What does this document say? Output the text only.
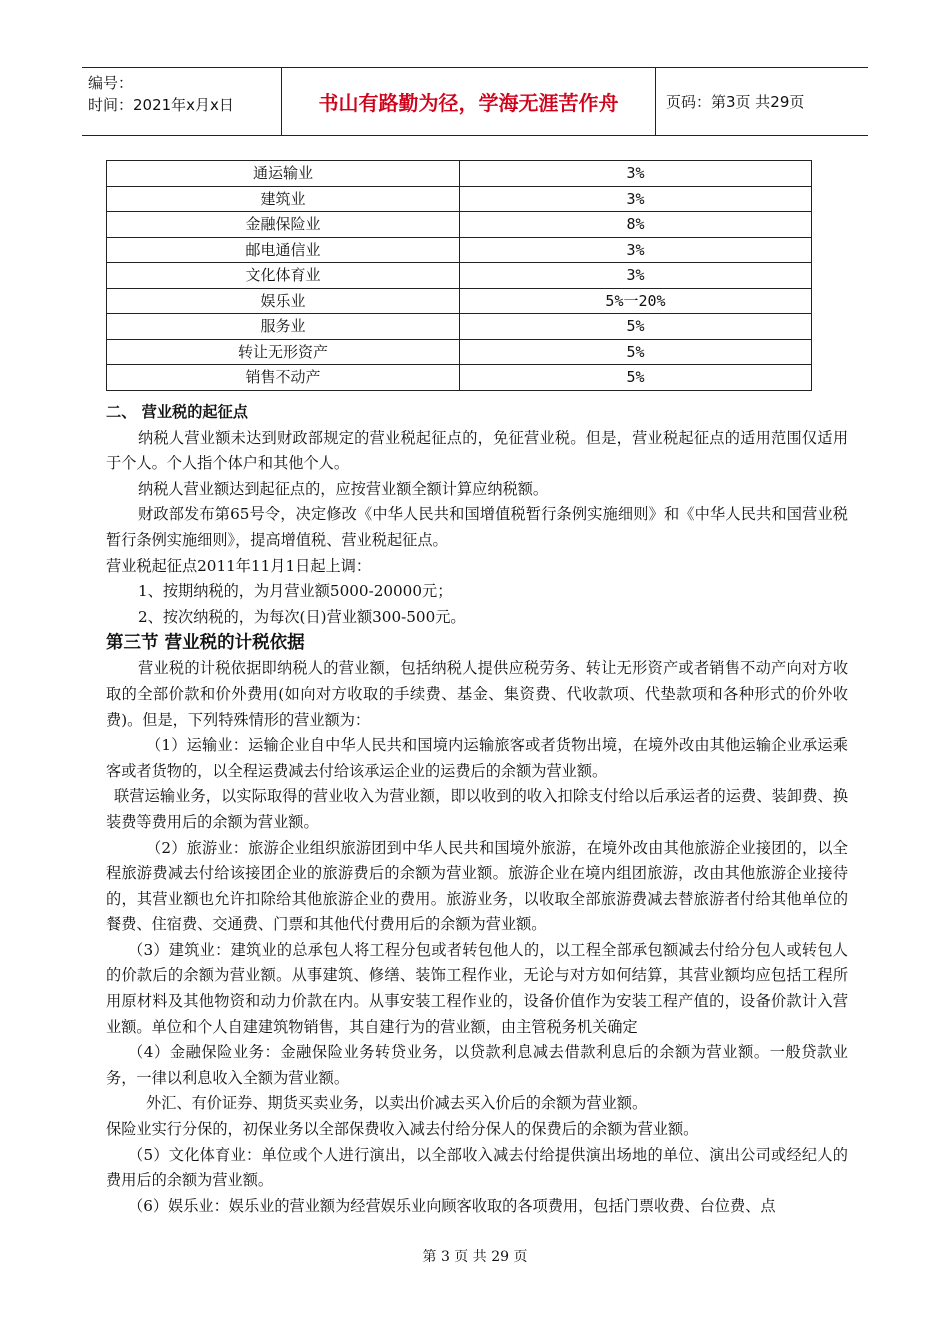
编号：
时间：2021年x月x日	书山有路勤为径，学海无涯苦作舟	页码：第3页 共29页
通运输业	3%
建筑业	3%
金融保险业	8%
邮电通信业	3%
文化体育业	3%
娱乐业	5%一20%
服务业	5%
转让无形资产	5%
销售不动产	5%

二、 营业税的起征点

纳税人营业额未达到财政部规定的营业税起征点的，免征营业税。但是，营业税起征点的适用范围仅适用于个人。个人指个体户和其他个人。

纳税人营业额达到起征点的，应按营业额全额计算应纳税额。

财政部发布第65号令，决定修改《中华人民共和国增值税暂行条例实施细则》和《中华人民共和国营业税暂行条例实施细则》，提高增值税、营业税起征点。

营业税起征点2011年11月1日起上调：

1、按期纳税的，为月营业额5000-20000元；

2、按次纳税的，为每次(日)营业额300-500元。

第三节 营业税的计税依据

营业税的计税依据即纳税人的营业额，包括纳税人提供应税劳务、转让无形资产或者销售不动产向对方收取的全部价款和价外费用(如向对方收取的手续费、基金、集资费、代收款项、代垫款项和各种形式的价外收费)。但是，下列特殊情形的营业额为：

（1）运输业：运输企业自中华人民共和国境内运输旅客或者货物出境，在境外改由其他运输企业承运乘客或者货物的，以全程运费减去付给该承运企业的运费后的余额为营业额。

联营运输业务，以实际取得的营业收入为营业额，即以收到的收入扣除支付给以后承运者的运费、装卸费、换装费等费用后的余额为营业额。

（2）旅游业：旅游企业组织旅游团到中华人民共和国境外旅游，在境外改由其他旅游企业接团的，以全程旅游费减去付给该接团企业的旅游费后的余额为营业额。旅游企业在境内组团旅游，改由其他旅游企业接待的，其营业额也允许扣除给其他旅游企业的费用。旅游业务，以收取全部旅游费减去替旅游者付给其他单位的餐费、住宿费、交通费、门票和其他代付费用后的余额为营业额。

（3）建筑业：建筑业的总承包人将工程分包或者转包他人的，以工程全部承包额减去付给分包人或转包人的价款后的余额为营业额。从事建筑、修缮、装饰工程作业，无论与对方如何结算，其营业额均应包括工程所用原材料及其他物资和动力价款在内。从事安装工程作业的，设备价值作为安装工程产值的，设备价款计入营业额。单位和个人自建建筑物销售，其自建行为的营业额，由主管税务机关确定

（4）金融保险业务：金融保险业务转贷业务，以贷款利息减去借款利息后的余额为营业额。一般贷款业务，一律以利息收入全额为营业额。

外汇、有价证券、期货买卖业务，以卖出价减去买入价后的余额为营业额。

保险业实行分保的，初保业务以全部保费收入减去付给分保人的保费后的余额为营业额。

（5）文化体育业：单位或个人进行演出，以全部收入减去付给提供演出场地的单位、演出公司或经纪人的费用后的余额为营业额。

（6）娱乐业：娱乐业的营业额为经营娱乐业向顾客收取的各项费用，包括门票收费、台位费、点

第 3 页 共 29 页
